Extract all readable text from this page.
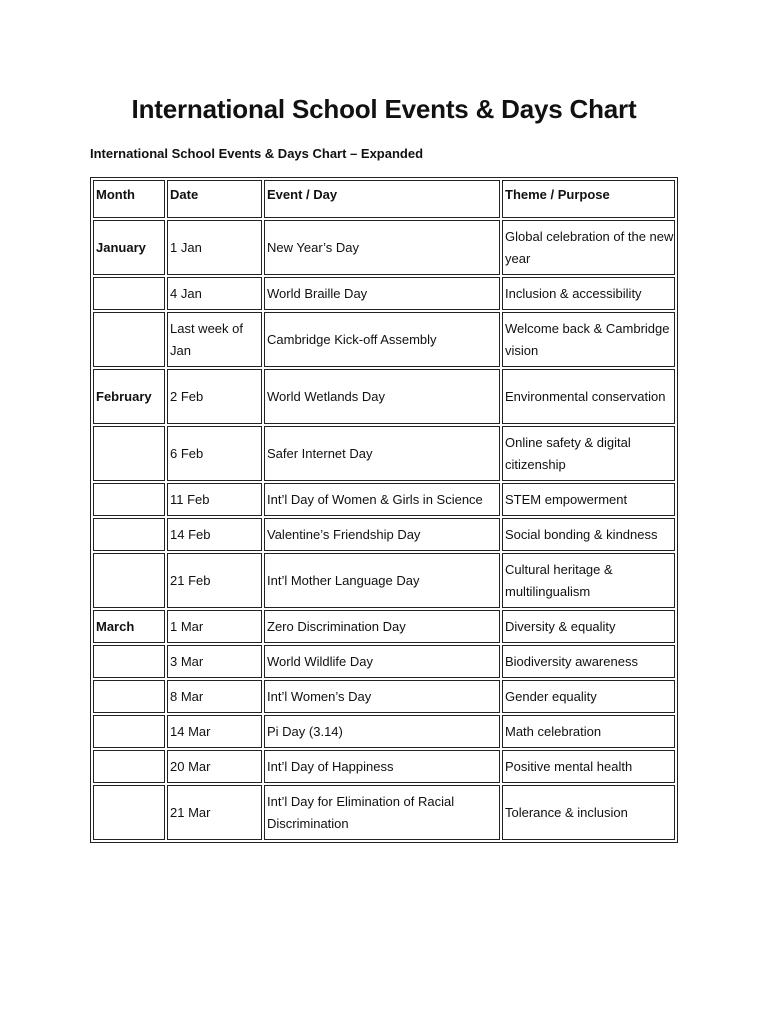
International School Events & Days Chart

International School Events & Days Chart – Expanded

Month	Date	Event / Day	Theme / Purpose
January	1 Jan	New Year’s Day	Global celebration of the new year
	4 Jan	World Braille Day	Inclusion & accessibility
	Last week of Jan	Cambridge Kick-off Assembly	Welcome back & Cambridge vision
February	2 Feb	World Wetlands Day	Environmental conservation
	6 Feb	Safer Internet Day	Online safety & digital citizenship
	11 Feb	Int’l Day of Women & Girls in Science	STEM empowerment
	14 Feb	Valentine’s Friendship Day	Social bonding & kindness
	21 Feb	Int’l Mother Language Day	Cultural heritage & multilingualism
March	1 Mar	Zero Discrimination Day	Diversity & equality
	3 Mar	World Wildlife Day	Biodiversity awareness
	8 Mar	Int’l Women’s Day	Gender equality
	14 Mar	Pi Day (3.14)	Math celebration
	20 Mar	Int’l Day of Happiness	Positive mental health
	21 Mar	Int’l Day for Elimination of Racial Discrimination	Tolerance & inclusion
